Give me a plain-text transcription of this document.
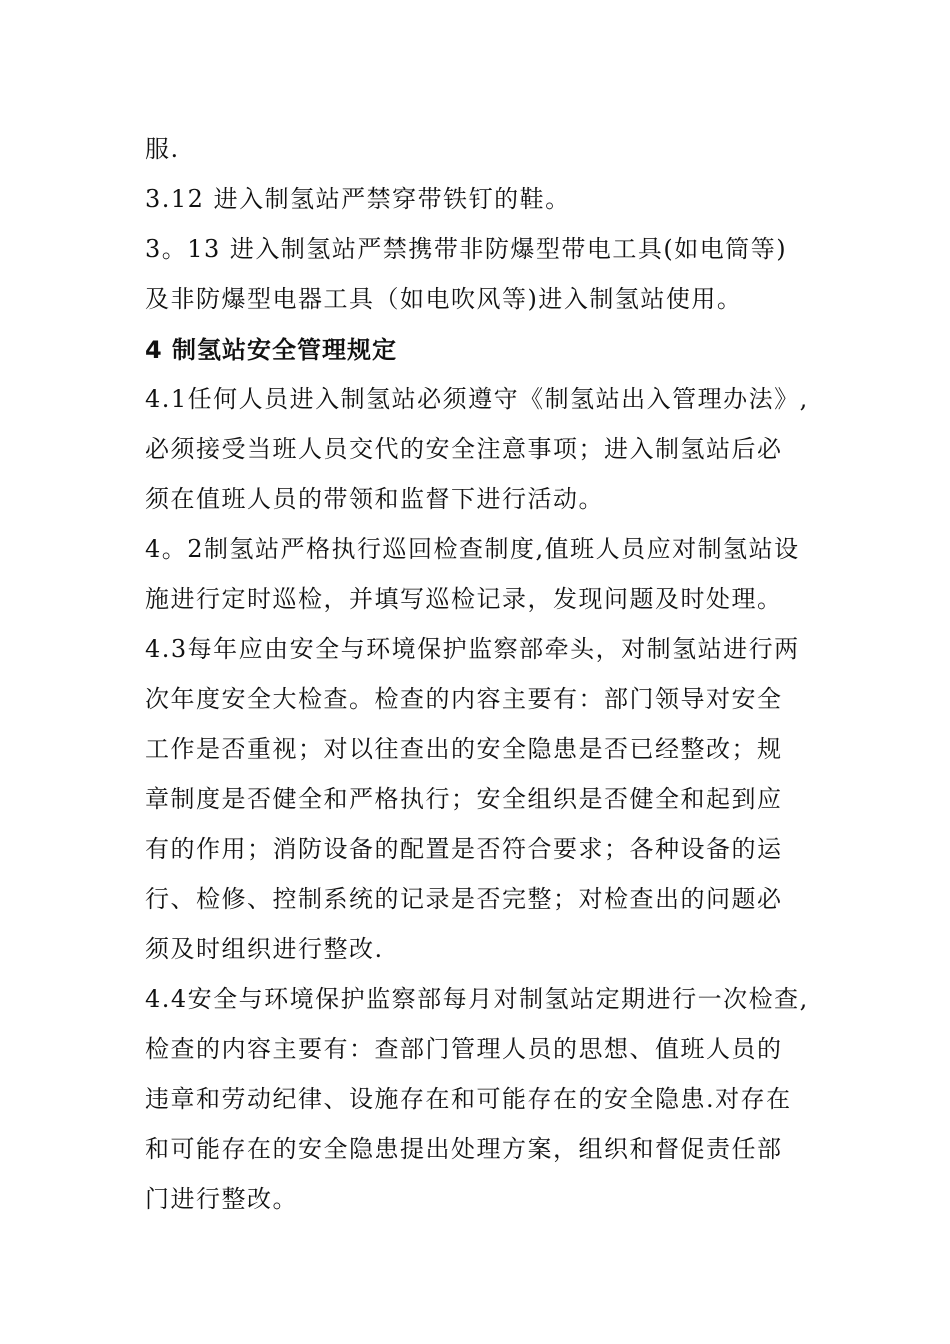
服.
3.12 进入制氢站严禁穿带铁钉的鞋。
3。13 进入制氢站严禁携带非防爆型带电工具(如电筒等)
及非防爆型电器工具（如电吹风等)进入制氢站使用。
4 制氢站安全管理规定
4.1任何人员进入制氢站必须遵守《制氢站出入管理办法》,
必须接受当班人员交代的安全注意事项；进入制氢站后必
须在值班人员的带领和监督下进行活动。
4。2制氢站严格执行巡回检查制度,值班人员应对制氢站设
施进行定时巡检，并填写巡检记录，发现问题及时处理。
4.3每年应由安全与环境保护监察部牵头，对制氢站进行两
次年度安全大检查。检查的内容主要有：部门领导对安全
工作是否重视；对以往查出的安全隐患是否已经整改；规
章制度是否健全和严格执行；安全组织是否健全和起到应
有的作用；消防设备的配置是否符合要求；各种设备的运
行、检修、控制系统的记录是否完整；对检查出的问题必
须及时组织进行整改.
4.4安全与环境保护监察部每月对制氢站定期进行一次检查,
检查的内容主要有：查部门管理人员的思想、值班人员的
违章和劳动纪律、设施存在和可能存在的安全隐患.对存在
和可能存在的安全隐患提出处理方案，组织和督促责任部
门进行整改。
